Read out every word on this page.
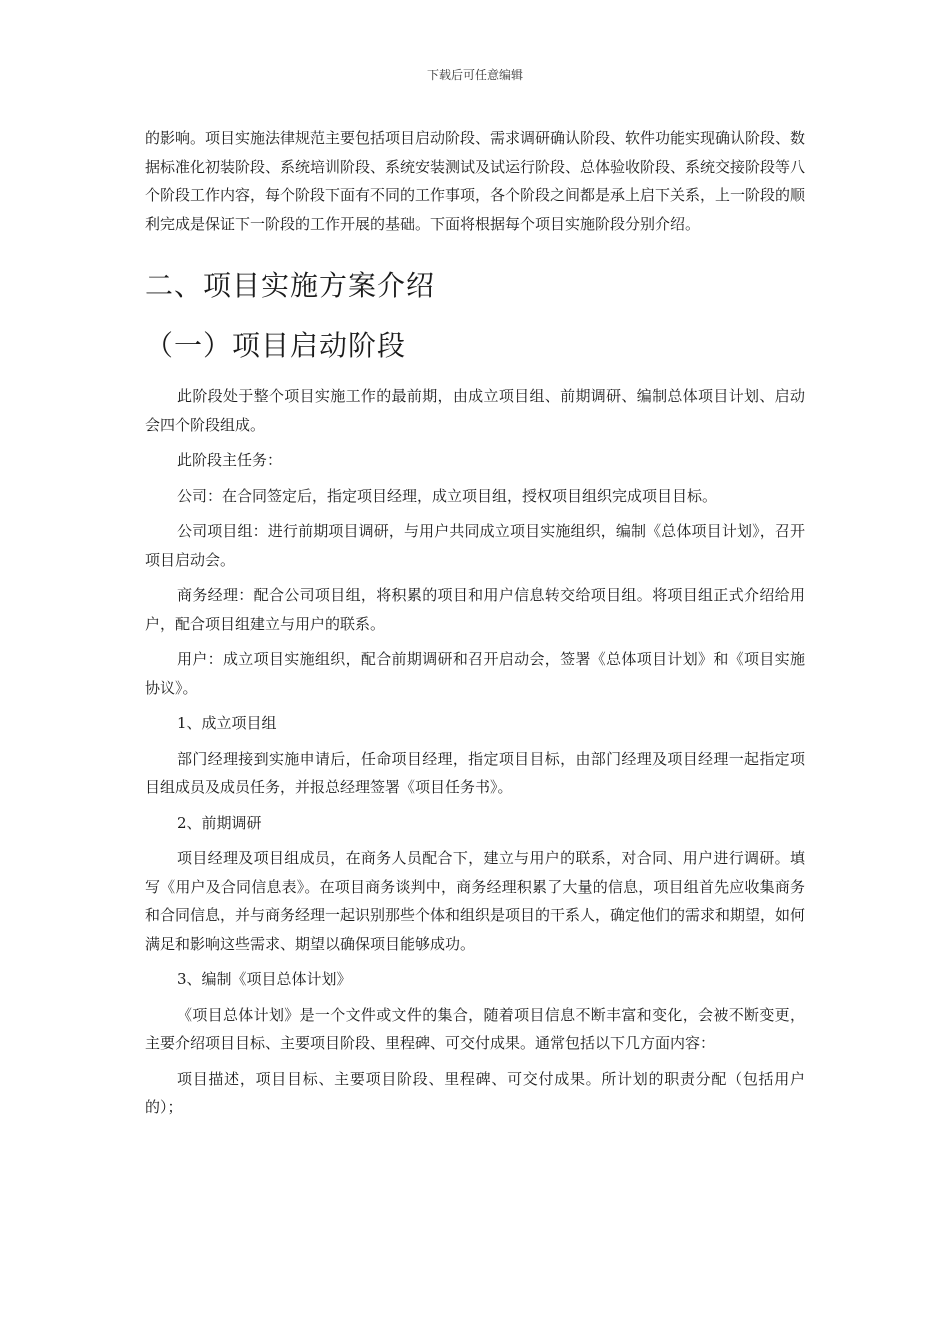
下载后可任意编辑

的影响。项目实施法律规范主要包括项目启动阶段、需求调研确认阶段、软件功能实现确认阶段、数据标准化初装阶段、系统培训阶段、系统安装测试及试运行阶段、总体验收阶段、系统交接阶段等八个阶段工作内容，每个阶段下面有不同的工作事项，各个阶段之间都是承上启下关系，上一阶段的顺利完成是保证下一阶段的工作开展的基础。下面将根据每个项目实施阶段分别介绍。

二、项目实施方案介绍
（一）项目启动阶段

此阶段处于整个项目实施工作的最前期，由成立项目组、前期调研、编制总体项目计划、启动会四个阶段组成。

此阶段主任务：

公司：在合同签定后，指定项目经理，成立项目组，授权项目组织完成项目目标。

公司项目组：进行前期项目调研，与用户共同成立项目实施组织，编制《总体项目计划》，召开项目启动会。

商务经理：配合公司项目组，将积累的项目和用户信息转交给项目组。将项目组正式介绍给用户，配合项目组建立与用户的联系。

用户：成立项目实施组织，配合前期调研和召开启动会，签署《总体项目计划》和《项目实施协议》。

1、成立项目组

部门经理接到实施申请后，任命项目经理，指定项目目标，由部门经理及项目经理一起指定项目组成员及成员任务，并报总经理签署《项目任务书》。

2、前期调研

项目经理及项目组成员，在商务人员配合下，建立与用户的联系，对合同、用户进行调研。填写《用户及合同信息表》。在项目商务谈判中，商务经理积累了大量的信息，项目组首先应收集商务和合同信息，并与商务经理一起识别那些个体和组织是项目的干系人，确定他们的需求和期望，如何满足和影响这些需求、期望以确保项目能够成功。

3、编制《项目总体计划》

《项目总体计划》是一个文件或文件的集合，随着项目信息不断丰富和变化，会被不断变更，主要介绍项目目标、主要项目阶段、里程碑、可交付成果。通常包括以下几方面内容：

项目描述，项目目标、主要项目阶段、里程碑、可交付成果。所计划的职责分配（包括用户的）；
